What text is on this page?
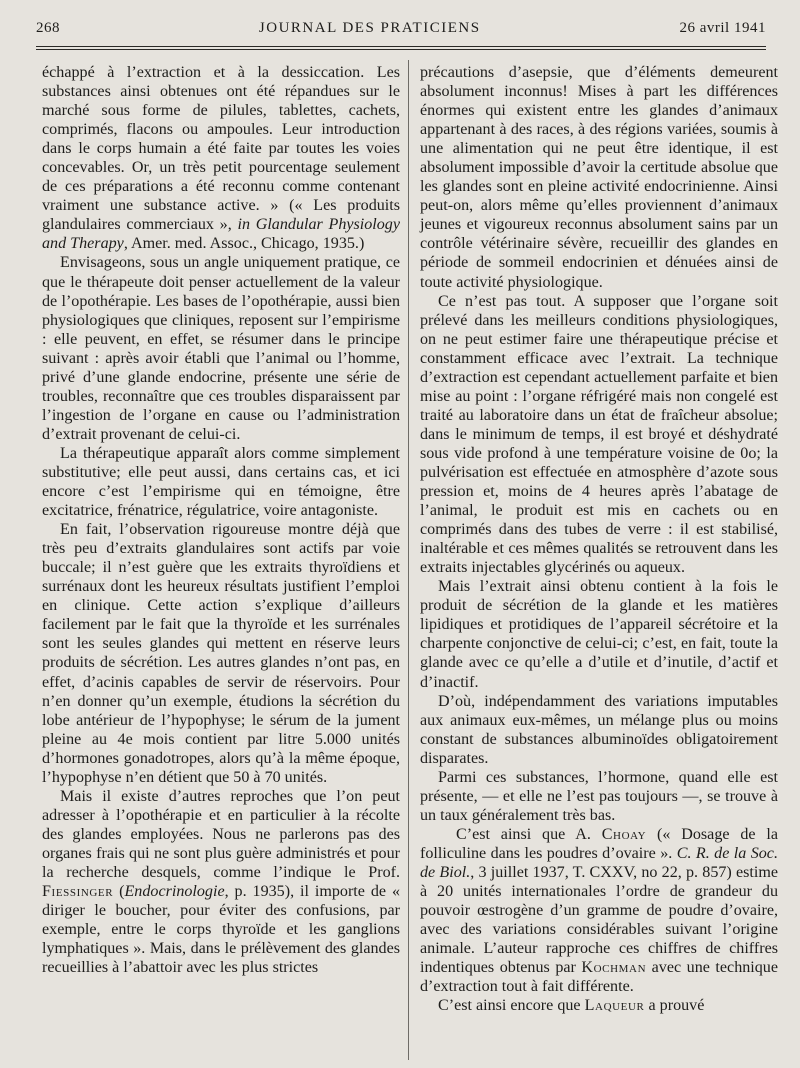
268	JOURNAL DES PRATICIENS	26 avril 1941

échappé à l’extraction et à la dessiccation. Les substances ainsi obtenues ont été répandues sur le marché sous forme de pilules, tablettes, cachets, comprimés, flacons ou ampoules. Leur introduction dans le corps humain a été faite par toutes les voies concevables. Or, un très petit pourcentage seulement de ces préparations a été reconnu comme contenant vraiment une substance active. » (« Les produits glandulaires commerciaux », in Glandular Physiology and Therapy, Amer. med. Assoc., Chicago, 1935.)

Envisageons, sous un angle uniquement pratique, ce que le thérapeute doit penser actuellement de la valeur de l’opothérapie. Les bases de l’opothérapie, aussi bien physiologiques que cliniques, reposent sur l’empirisme : elle peuvent, en effet, se résumer dans le principe suivant : après avoir établi que l’animal ou l’homme, privé d’une glande endocrine, présente une série de troubles, reconnaître que ces troubles disparaissent par l’ingestion de l’organe en cause ou l’administration d’extrait provenant de celui-ci.

La thérapeutique apparaît alors comme simplement substitutive; elle peut aussi, dans certains cas, et ici encore c’est l’empirisme qui en témoigne, être excitatrice, frénatrice, régulatrice, voire antagoniste.

En fait, l’observation rigoureuse montre déjà que très peu d’extraits glandulaires sont actifs par voie buccale; il n’est guère que les extraits thyroïdiens et surrénaux dont les heureux résultats justifient l’emploi en clinique. Cette action s’explique d’ailleurs facilement par le fait que la thyroïde et les surrénales sont les seules glandes qui mettent en réserve leurs produits de sécrétion. Les autres glandes n’ont pas, en effet, d’acinis capables de servir de réservoirs. Pour n’en donner qu’un exemple, étudions la sécrétion du lobe antérieur de l’hypophyse; le sérum de la jument pleine au 4e mois contient par litre 5.000 unités d’hormones gonadotropes, alors qu’à la même époque, l’hypophyse n’en détient que 50 à 70 unités.

Mais il existe d’autres reproches que l’on peut adresser à l’opothérapie et en particulier à la récolte des glandes employées. Nous ne parlerons pas des organes frais qui ne sont plus guère administrés et pour la recherche desquels, comme l’indique le Prof. Fiessinger (Endocrinologie, p. 1935), il importe de « diriger le boucher, pour éviter des confusions, par exemple, entre le corps thyroïde et les ganglions lymphatiques ». Mais, dans le prélèvement des glandes recueillies à l’abattoir avec les plus strictes

précautions d’asepsie, que d’éléments demeurent absolument inconnus! Mises à part les différences énormes qui existent entre les glandes d’animaux appartenant à des races, à des régions variées, soumis à une alimentation qui ne peut être identique, il est absolument impossible d’avoir la certitude absolue que les glandes sont en pleine activité endocrinienne. Ainsi peut-on, alors même qu’elles proviennent d’animaux jeunes et vigoureux reconnus absolument sains par un contrôle vétérinaire sévère, recueillir des glandes en période de sommeil endocrinien et dénuées ainsi de toute activité physiologique.

Ce n’est pas tout. A supposer que l’organe soit prélevé dans les meilleurs conditions physiologiques, on ne peut estimer faire une thérapeutique précise et constamment efficace avec l’extrait. La technique d’extraction est cependant actuellement parfaite et bien mise au point : l’organe réfrigéré mais non congelé est traité au laboratoire dans un état de fraîcheur absolue; dans le minimum de temps, il est broyé et déshydraté sous vide profond à une température voisine de 0o; la pulvérisation est effectuée en atmosphère d’azote sous pression et, moins de 4 heures après l’abatage de l’animal, le produit est mis en cachets ou en comprimés dans des tubes de verre : il est stabilisé, inaltérable et ces mêmes qualités se retrouvent dans les extraits injectables glycérinés ou aqueux.

Mais l’extrait ainsi obtenu contient à la fois le produit de sécrétion de la glande et les matières lipidiques et protidiques de l’appareil sécrétoire et la charpente conjonctive de celui-ci; c’est, en fait, toute la glande avec ce qu’elle a d’utile et d’inutile, d’actif et d’inactif.

D’où, indépendamment des variations imputables aux animaux eux-mêmes, un mélange plus ou moins constant de substances albuminoïdes obligatoirement disparates.

Parmi ces substances, l’hormone, quand elle est présente, — et elle ne l’est pas toujours —, se trouve à un taux généralement très bas.

C’est ainsi que A. Choay (« Dosage de la folliculine dans les poudres d’ovaire ». C. R. de la Soc. de Biol., 3 juillet 1937, T. CXXV, no 22, p. 857) estime à 20 unités internationales l’ordre de grandeur du pouvoir œstrogène d’un gramme de poudre d’ovaire, avec des variations considérables suivant l’origine animale. L’auteur rapproche ces chiffres de chiffres indentiques obtenus par Kochman avec une technique d’extraction tout à fait différente.

C’est ainsi encore que Laqueur a prouvé
